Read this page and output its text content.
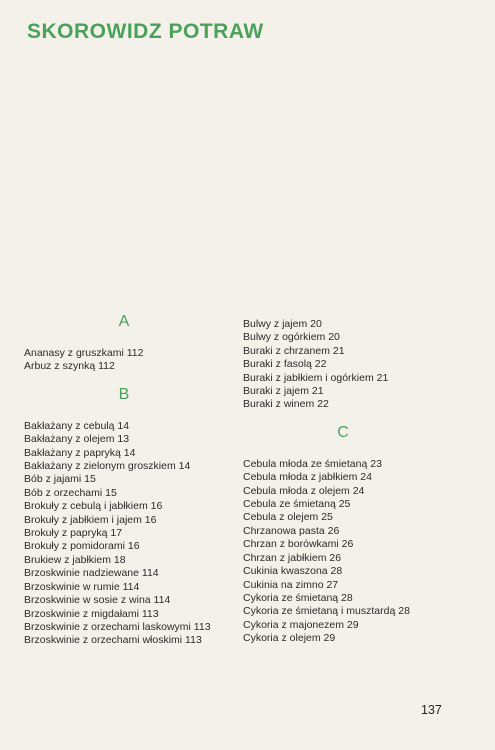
SKOROWIDZ POTRAW
A
Ananasy z gruszkami 112
Arbuz z szynką 112
B
Bakłażany z cebulą 14
Bakłażany z olejem 13
Bakłażany z papryką 14
Bakłażany z zielonym groszkiem 14
Bób z jajami 15
Bób z orzechami 15
Brokuły z cebulą i jabłkiem 16
Brokuły z jabłkiem i jajem 16
Brokuły z papryką 17
Brokuły z pomidorami 16
Brukiew z jabłkiem 18
Brzoskwinie nadziewane 114
Brzoskwinie w rumie 114
Brzoskwinie w sosie z wina 114
Brzoskwinie z migdałami 113
Brzoskwinie z orzechami laskowymi 113
Brzoskwinie z orzechami włoskimi 113
Bulwy z jajem 20
Bulwy z ogórkiem 20
Buraki z chrzanem 21
Buraki z fasolą 22
Buraki z jabłkiem i ogórkiem 21
Buraki z jajem 21
Buraki z winem 22
C
Cebula młoda ze śmietaną 23
Cebula młoda z jabłkiem 24
Cebula młoda z olejem 24
Cebula ze śmietaną 25
Cebula z olejem 25
Chrzanowa pasta 26
Chrzan z borówkami 26
Chrzan z jabłkiem 26
Cukinia kwaszona 28
Cukinia na zimno 27
Cykoria ze śmietaną 28
Cykoria ze śmietaną i musztardą 28
Cykoria z majonezem 29
Cykoria z olejem 29
137
